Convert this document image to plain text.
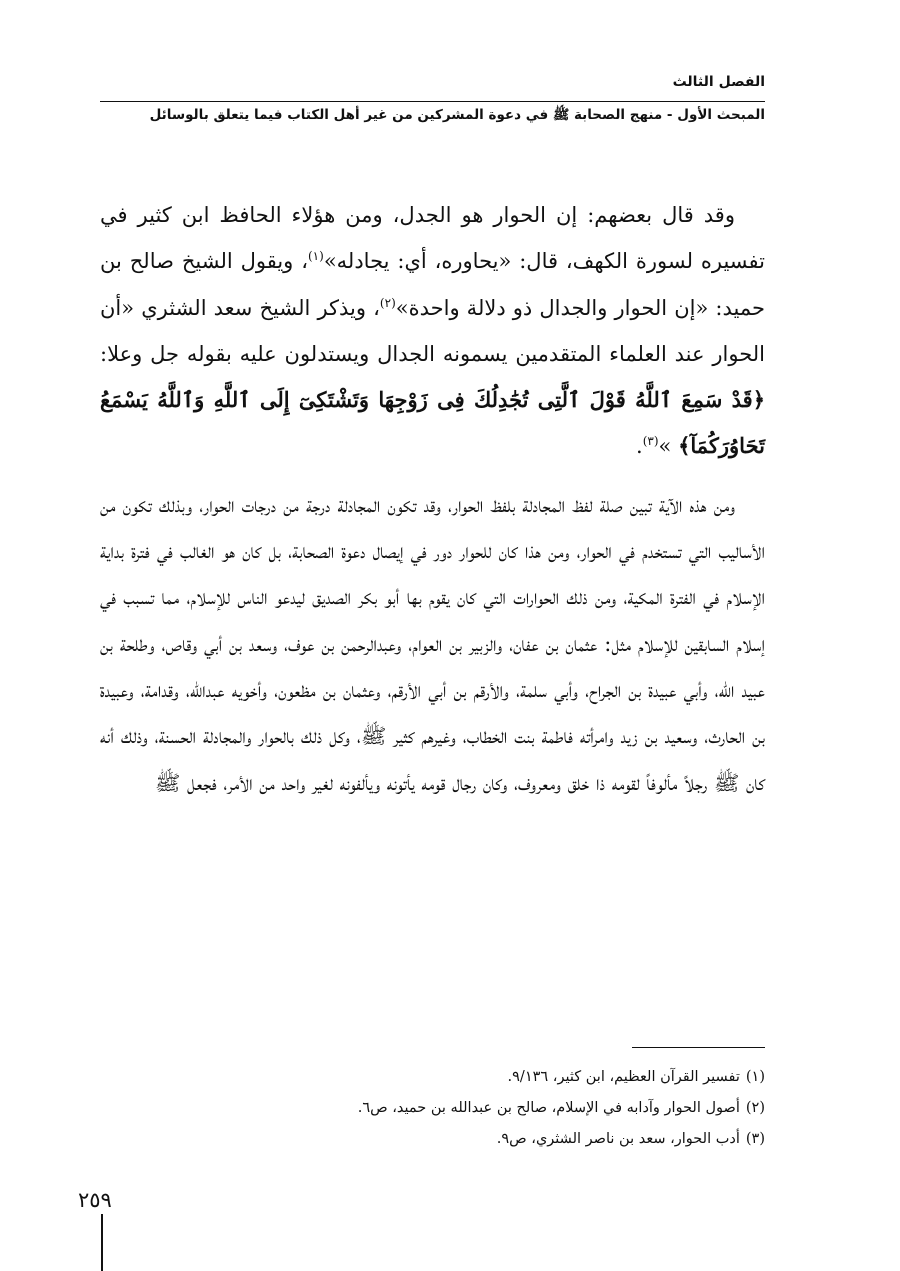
الفصل الثالث
المبحث الأول - منهج الصحابة ﷺ في دعوة المشركين من غير أهل الكتاب فيما يتعلق بالوسائل

وقد قال بعضهم: إن الحوار هو الجدل، ومن هؤلاء الحافظ ابن كثير في تفسيره لسورة الكهف، قال: «يحاوره، أي: يجادله»$^{(١)}$، ويقول الشيخ صالح بن حميد: «إن الحوار والجدال ذو دلالة واحدة»$^{(٢)}$، ويذكر الشيخ سعد الشثري «أن الحوار عند العلماء المتقدمين يسمونه الجدال ويستدلون عليه بقوله جل وعلا: ﴿قَدْ سَمِعَ ٱللَّهُ قَوْلَ ٱلَّتِى تُجَٰدِلُكَ فِى زَوْجِهَا وَتَشْتَكِىٓ إِلَى ٱللَّهِ وَٱللَّهُ يَسْمَعُ تَحَاوُرَكُمَآ﴾ »$^{(٣)}$.

ومن هذه الآية تبين صلة لفظ المجادلة بلفظ الحوار، وقد تكون المجادلة درجة من درجات الحوار، وبذلك تكون من الأساليب التي تستخدم في الحوار، ومن هذا كان للحوار دور في إيصال دعوة الصحابة، بل كان هو الغالب في فترة بداية الإسلام في الفترة المكية، ومن ذلك الحوارات التي كان يقوم بها أبو بكر الصديق ليدعو الناس للإسلام، مما تسبب في إسلام السابقين للإسلام مثل: عثمان بن عفان، والزبير بن العوام، وعبدالرحمن بن عوف، وسعد بن أبي وقاص، وطلحة بن عبيد الله، وأبي عبيدة بن الجراح، وأبي سلمة، والأرقم بن أبي الأرقم، وعثمان بن مظعون، وأخويه عبدالله، وقدامة، وعبيدة بن الحارث، وسعيد بن زيد وامرأته فاطمة بنت الخطاب، وغيرهم كثير ﷺ، وكل ذلك بالحوار والمجادلة الحسنة، وذلك أنه كان ﷺ رجلاً مألوفاً لقومه ذا خلق ومعروف، وكان رجال قومه يأتونه ويألفونه لغير واحد من الأمر، فجعل ﷺ

(١)تفسير القرآن العظيم، ابن كثير، ٩/١٣٦.
(٢)أصول الحوار وآدابه في الإسلام، صالح بن عبدالله بن حميد، ص٦.
(٣)أدب الحوار، سعد بن ناصر الشثري، ص٩.
٢٥٩
